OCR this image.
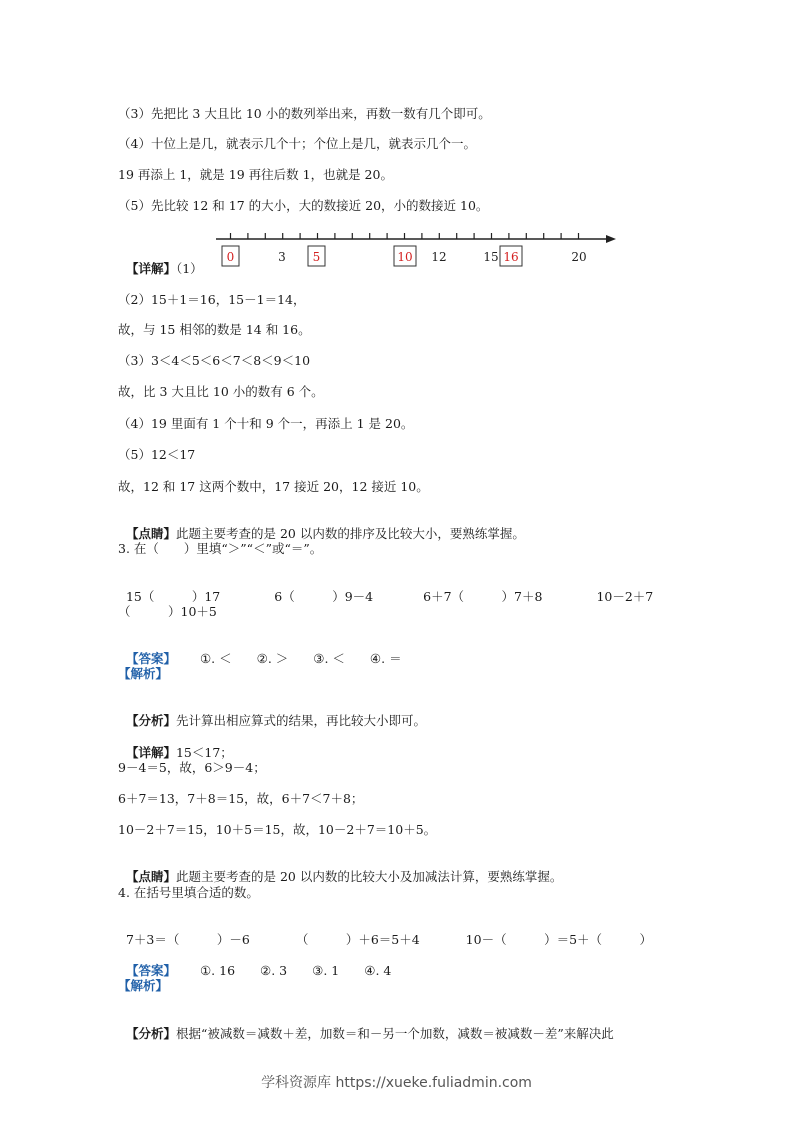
（3）先把比 3 大且比 10 小的数列举出来，再数一数有几个即可。
（4）十位上是几，就表示几个十；个位上是几，就表示几个一。
19 再添上 1，就是 19 再往后数 1，也就是 20。
（5）先比较 12 和 17 的大小，大的数接近 20，小的数接近 10。

【详解】（1）

0	3 5	10 12	15 16	20
（2）15＋1＝16，15－1＝14，
故，与 15 相邻的数是 14 和 16。
（3）3＜4＜5＜6＜7＜8＜9＜10
故，比 3 大且比 10 小的数有 6 个。
（4）19 里面有 1 个十和 9 个一，再添上 1 是 20。
（5）12＜17
故，12 和 17 这两个数中，17 接近 20，12 接近 10。

【点睛】此题主要考查的是 20 以内数的排序及比较大小，要熟练掌握。

3. 在（　　）里填“＞”“＜”或“＝”。

15（　　　）17	6（　　　）9－4	6＋7（　　　）7＋8	10－2＋7

（　　　）10＋5

【答案】 ①. ＜　　②. ＞　　③. ＜　　④. ＝

【解析】

【分析】先计算出相应算式的结果，再比较大小即可。

【详解】15＜17；

9－4＝5，故，6＞9－4；
6＋7＝13，7＋8＝15，故，6＋7＜7＋8；
10－2＋7＝15，10＋5＝15，故，10－2＋7＝10＋5。

【点睛】此题主要考查的是 20 以内数的比较大小及加减法计算，要熟练掌握。

4. 在括号里填合适的数。

7＋3＝（　　　）－6	（　　　）＋6＝5＋4	10－（　　　）＝5＋（　　　）

【答案】 ①. 16　　②. 3　　③. 1　　④. 4

【解析】

【分析】根据“被减数＝减数＋差，加数＝和－另一个加数，减数＝被减数－差”来解决此

学科资源库 https://xueke.fuliadmin.com
